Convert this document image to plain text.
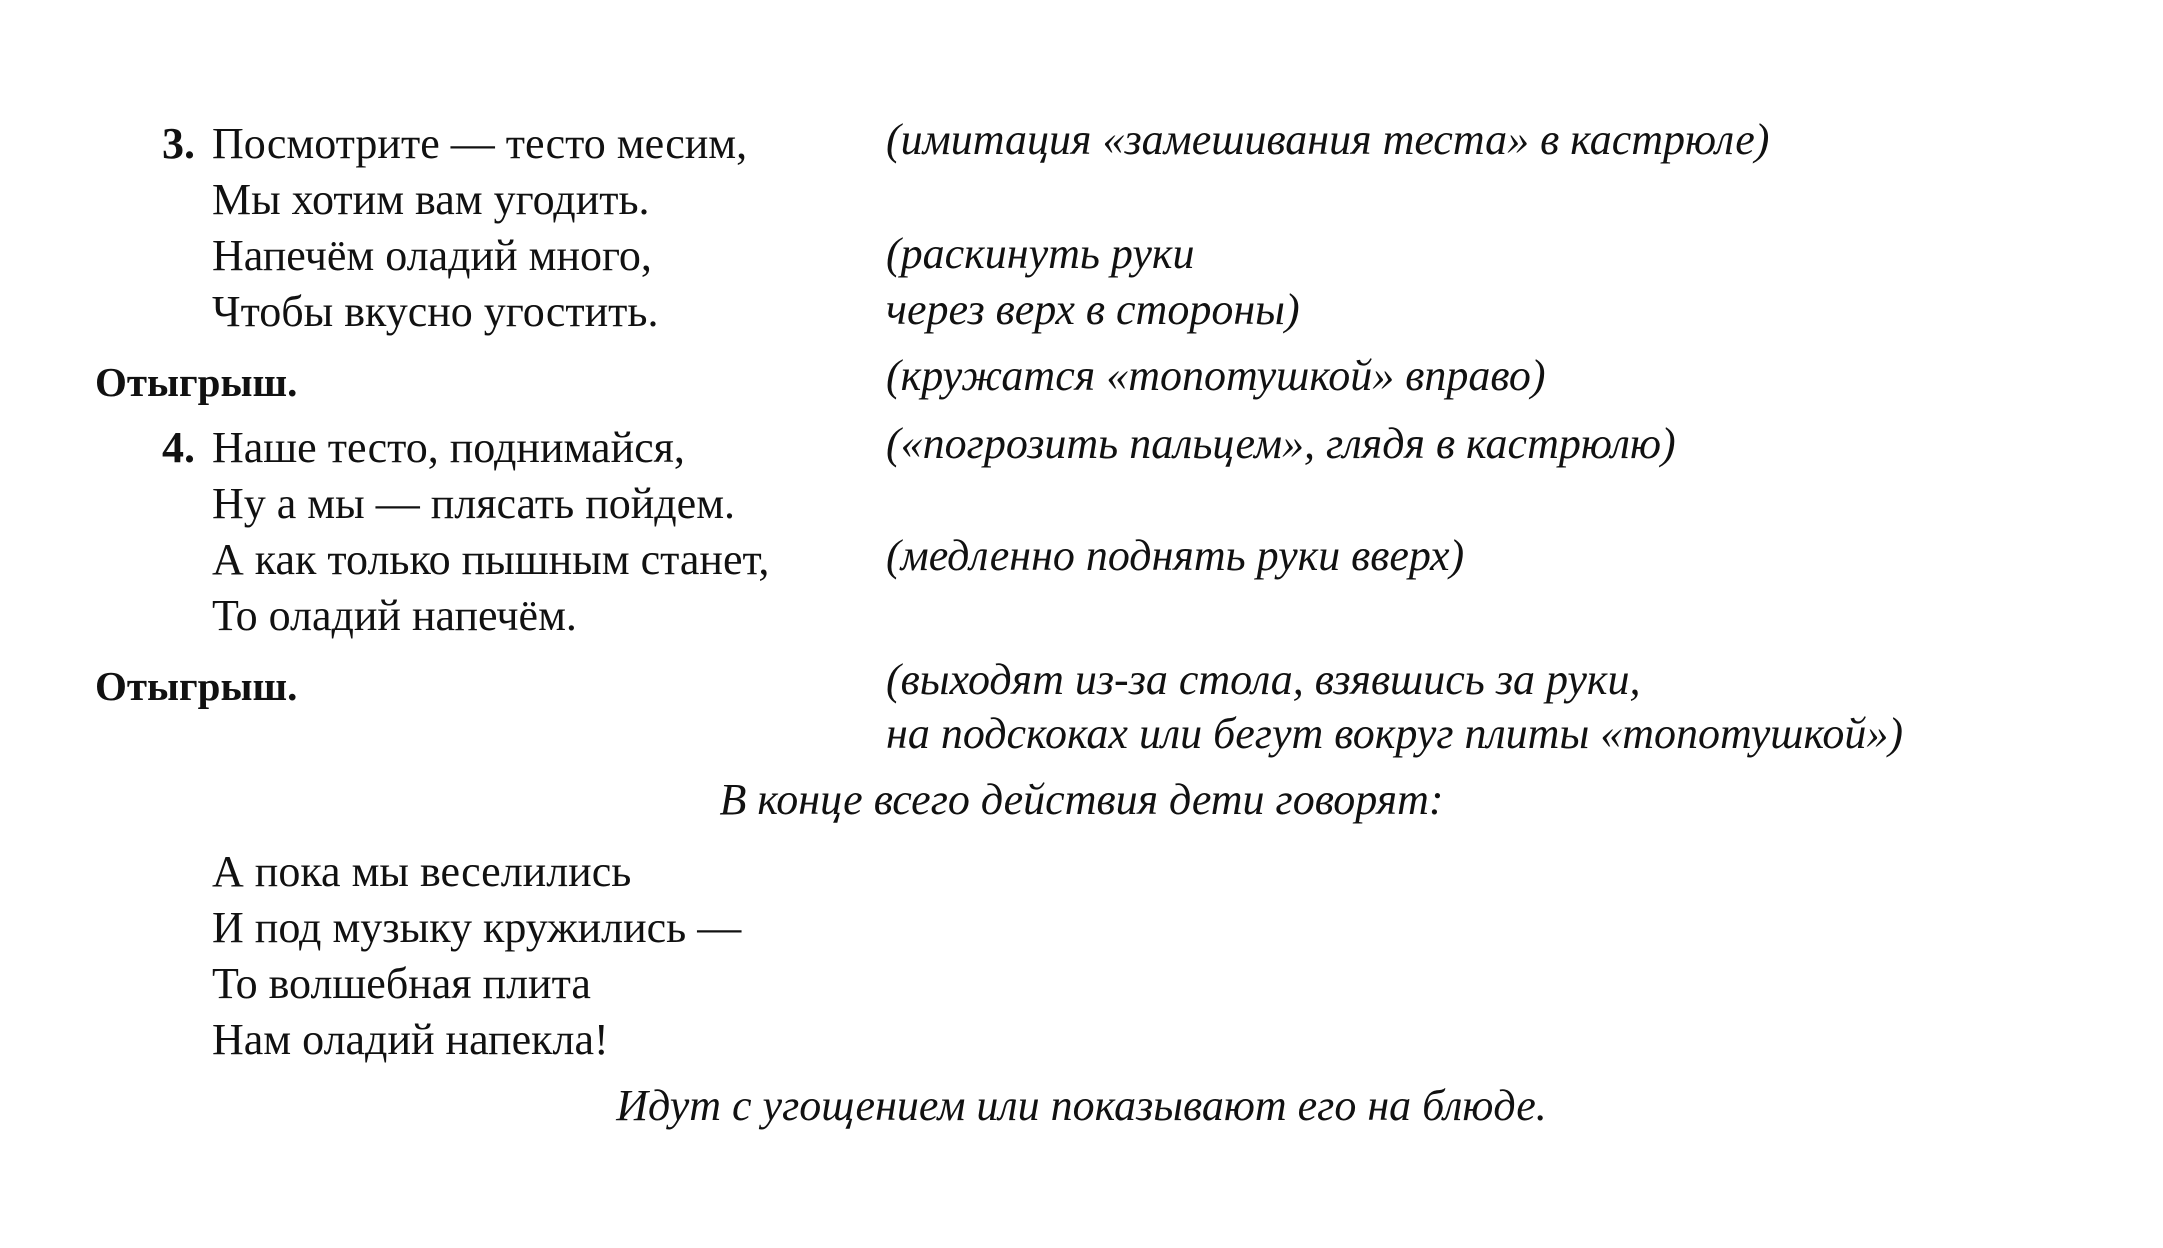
3. Посмотрите — тесто месим,	(имитация «замешивания теста» в кастрюле)
Мы хотим вам угодить.
Напечём оладий много,	(раскинуть руки
Чтобы вкусно угостить.	через верх в стороны)
Отыгрыш.	(кружатся «топотушкой» вправо)
4. Наше тесто, поднимайся,	(«погрозить пальцем», глядя в кастрюлю)
Ну а мы — плясать пойдем.
А как только пышным станет,	(медленно поднять руки вверх)
То оладий напечём.
Отыгрыш.	(выходят из-за стола, взявшись за руки,
на подскоках или бегут вокруг плиты «топотушкой»)
В конце всего действия дети говорят:
А пока мы веселились
И под музыку кружились —
То волшебная плита
Нам оладий напекла!
Идут с угощением или показывают его на блюде.
